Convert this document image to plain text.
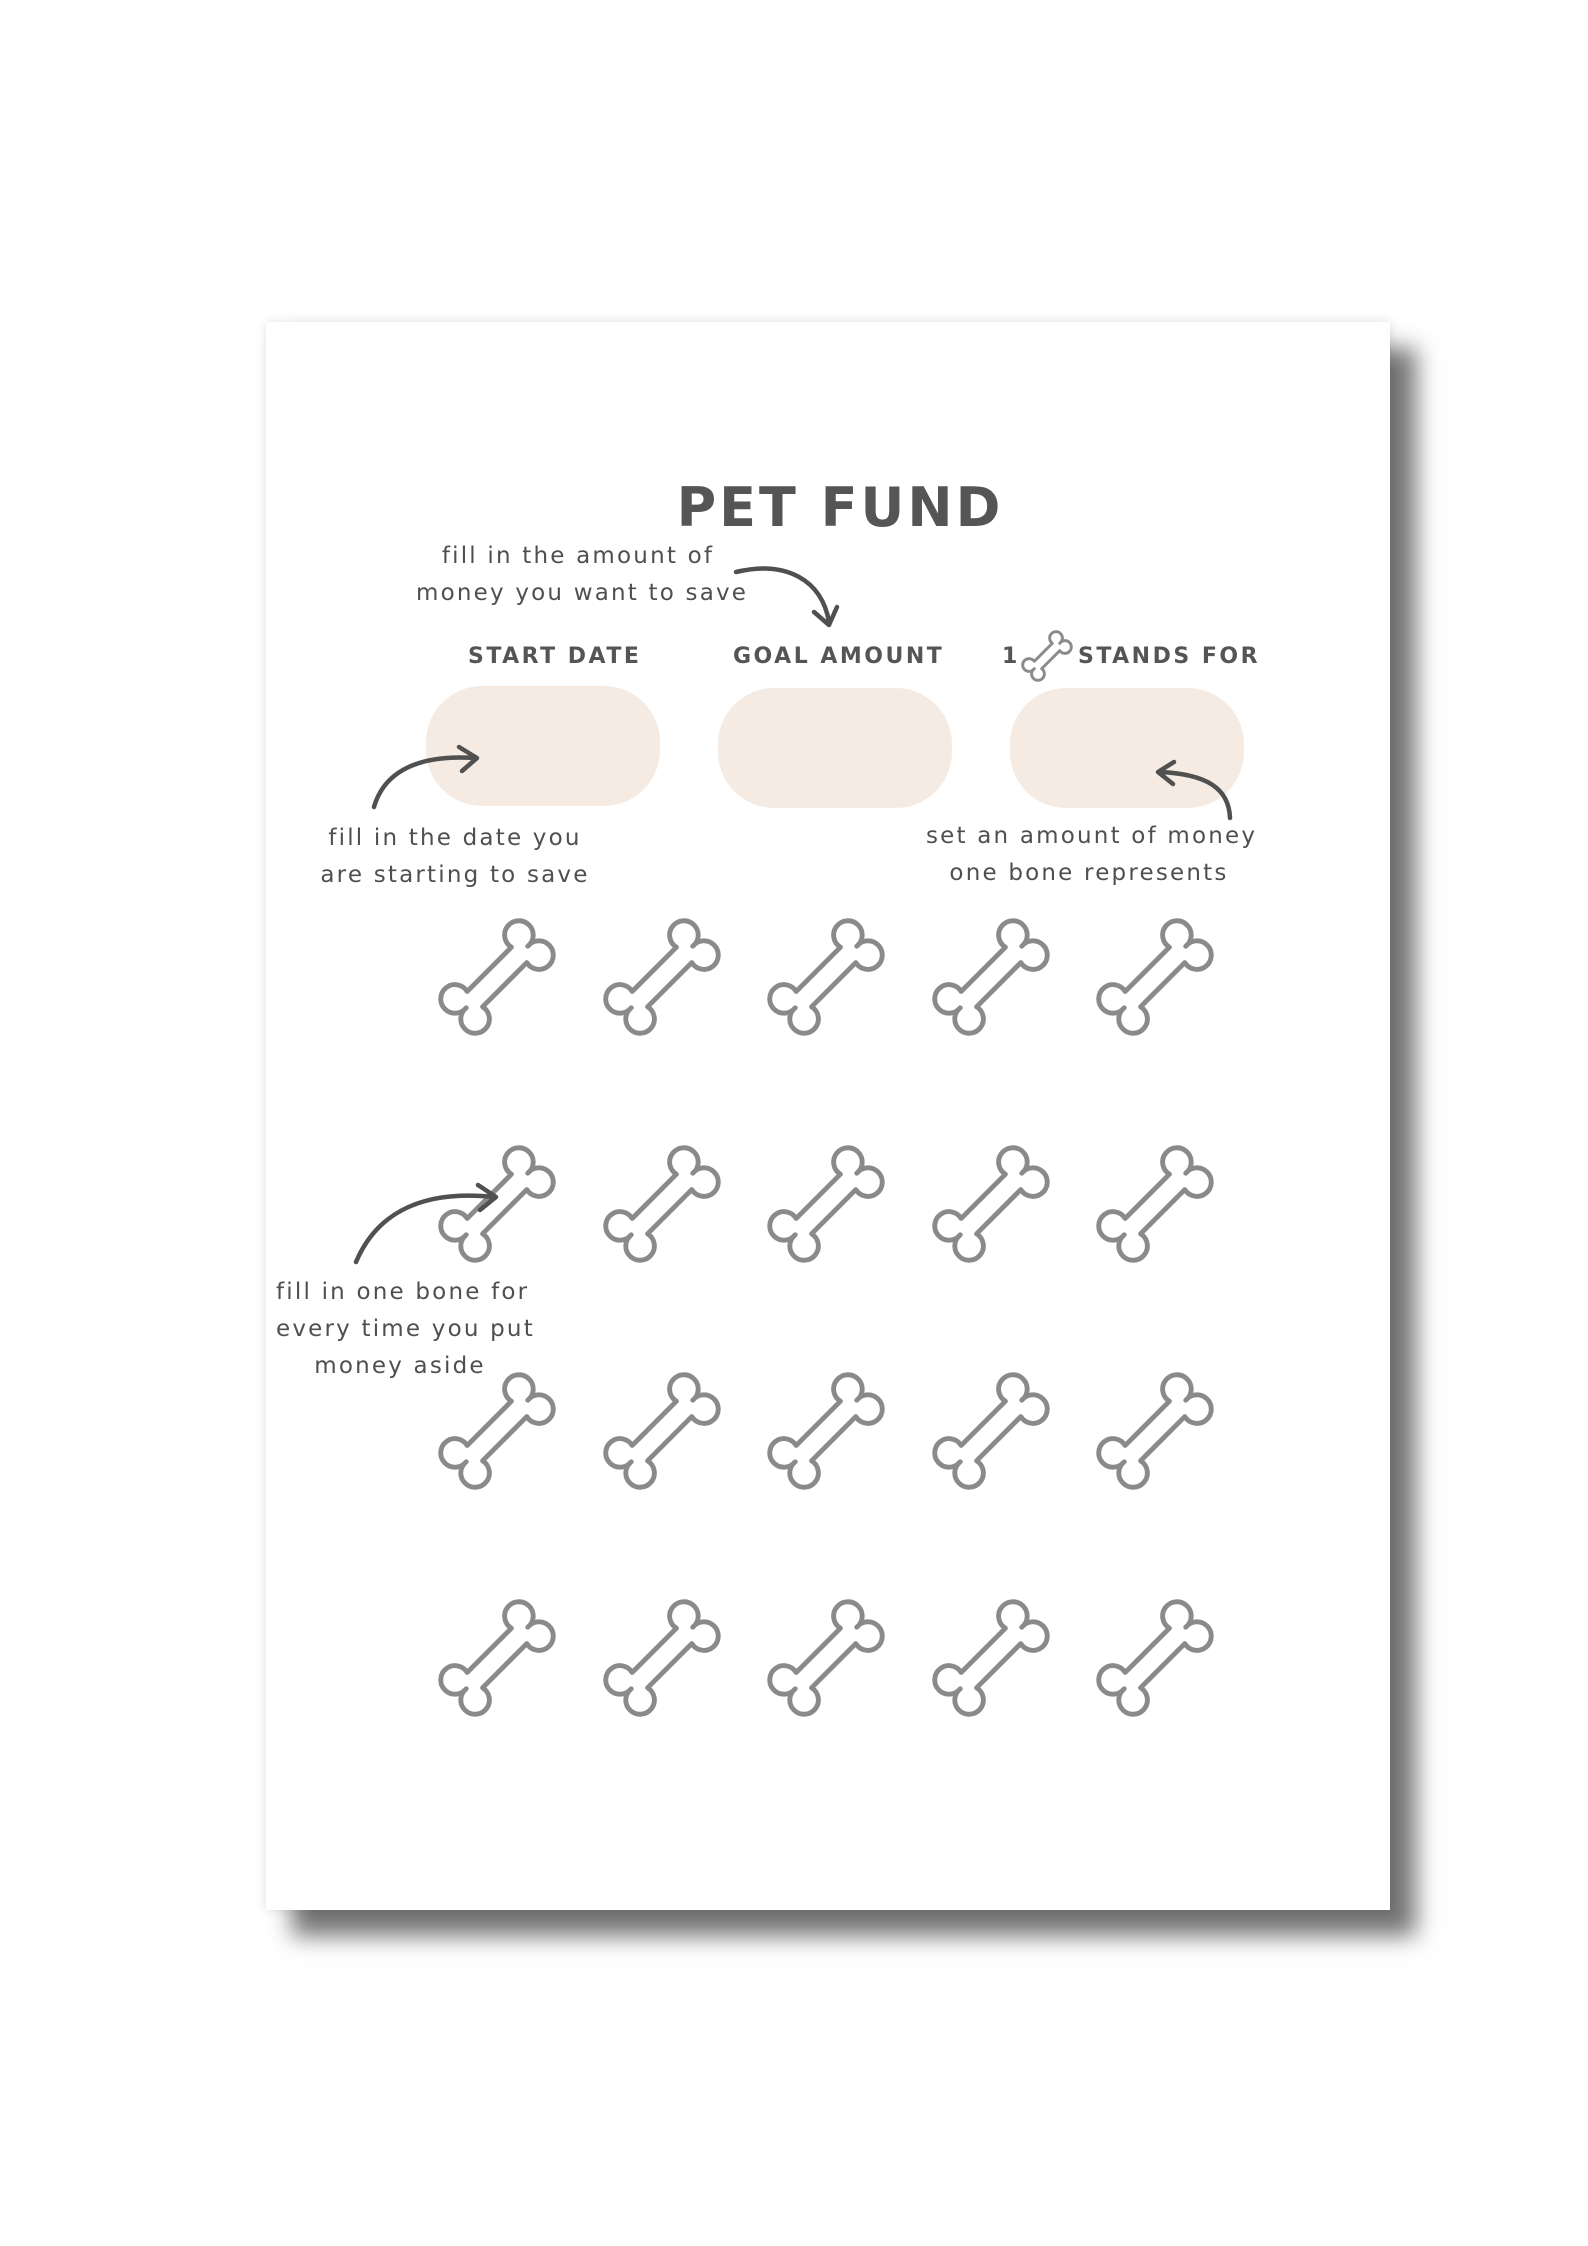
PET FUND
fill in the amount of
money you want to save
START DATE	GOAL AMOUNT	1	STANDS FOR
fill in the date you
are starting to save
set an amount of money
one bone represents
fill in one bone for
every time you put
money aside
